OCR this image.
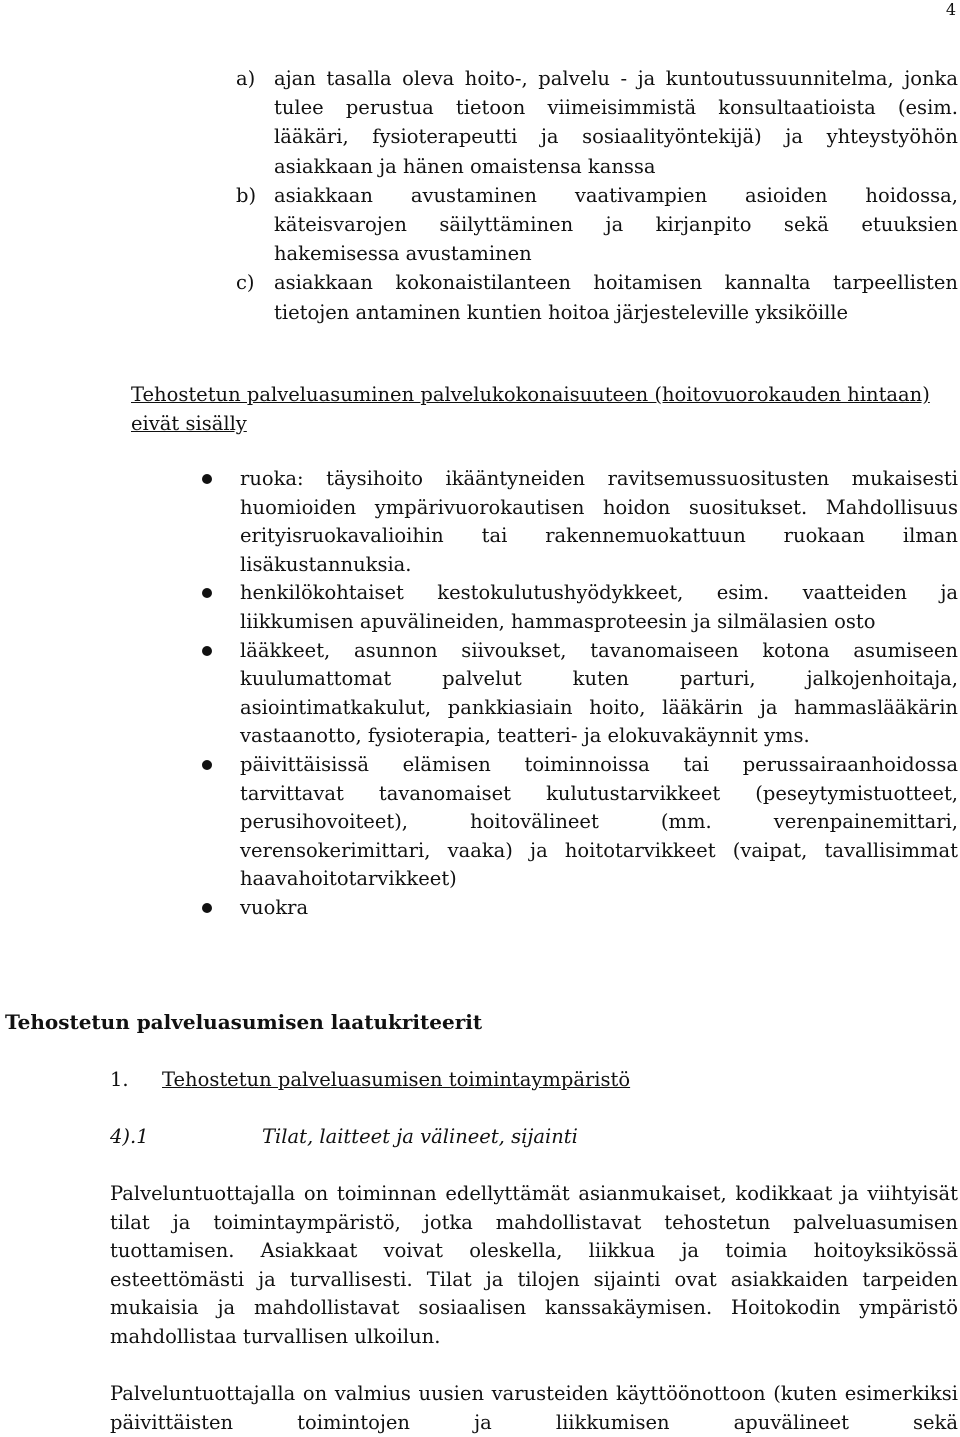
4
a) ajan tasalla oleva hoito-, palvelu - ja kuntoutussuunnitelma, jonka tulee perustua tietoon viimeisimmistä konsultaatioista (esim. lääkäri, fysioterapeutti ja sosiaalityöntekijä) ja yhteystyöhön asiakkaan ja hänen omaistensa kanssa
b) asiakkaan avustaminen vaativampien asioiden hoidossa, käteisvarojen säilyttäminen ja kirjanpito sekä etuuksien hakemisessa avustaminen
c) asiakkaan kokonaistilanteen hoitamisen kannalta tarpeellisten tietojen antaminen kuntien hoitoa järjesteleville yksiköille
Tehostetun palveluasuminen palvelukokonaisuuteen (hoitovuorokauden hintaan) eivät sisälly
ruoka: täysihoito ikääntyneiden ravitsemussuositusten mukaisesti huomioiden ympärivuorokautisen hoidon suositukset. Mahdollisuus erityisruokavalioihin tai rakennemuokattuun ruokaan ilman lisäkustannuksia.
henkilökohtaiset kestokulutushyödykkeet, esim. vaatteiden ja liikkumisen apuvälineiden, hammasproteesin ja silmälasien osto
lääkkeet, asunnon siivoukset, tavanomaiseen kotona asumiseen kuulumattomat palvelut kuten parturi, jalkojenhoitaja, asiointimatkakulut, pankkiasiain hoito, lääkärin ja hammaslääkärin vastaanotto, fysioterapia, teatteri- ja elokuvakäynnit yms.
päivittäisissä elämisen toiminnoissa tai perussairaanhoidossa tarvittavat tavanomaiset kulutustarvikkeet (peseytymistuotteet, perusihovoiteet), hoitovälineet (mm. verenpainemittari, verensokerimittari, vaaka) ja hoitotarvikkeet (vaipat, tavallisimmat haavahoitotarvikkeet)
vuokra
Tehostetun palveluasumisen laatukriteerit
1. Tehostetun palveluasumisen toimintaympäristö
4).1	Tilat, laitteet ja välineet, sijainti
Palveluntuottajalla on toiminnan edellyttämät asianmukaiset, kodikkaat ja viihtyisät tilat ja toimintaympäristö, jotka mahdollistavat tehostetun palveluasumisen tuottamisen. Asiakkaat voivat oleskella, liikkua ja toimia hoitoyksikössä esteettömästi ja turvallisesti. Tilat ja tilojen sijainti ovat asiakkaiden tarpeiden mukaisia ja mahdollistavat sosiaalisen kanssakäymisen. Hoitokodin ympäristö mahdollistaa turvallisen ulkoilun.
Palveluntuottajalla on valmius uusien varusteiden käyttöönottoon (kuten esimerkiksi päivittäisten toimintojen ja liikkumisen apuvälineet sekä
